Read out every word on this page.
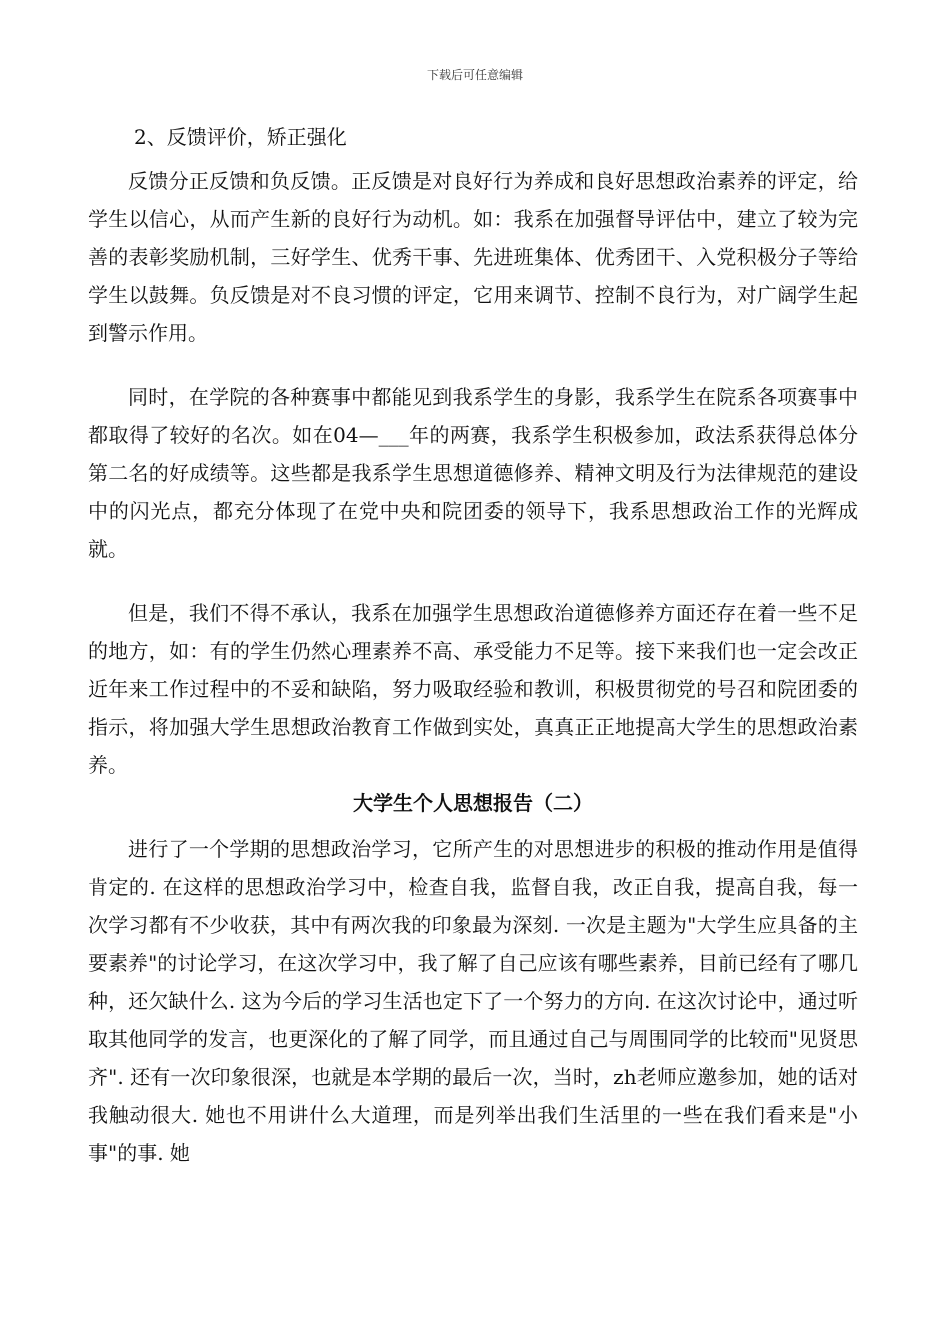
下载后可任意编辑

2、反馈评价，矫正强化

反馈分正反馈和负反馈。正反馈是对良好行为养成和良好思想政治素养的评定，给学生以信心，从而产生新的良好行为动机。如：我系在加强督导评估中，建立了较为完善的表彰奖励机制，三好学生、优秀干事、先进班集体、优秀团干、入党积极分子等给学生以鼓舞。负反馈是对不良习惯的评定，它用来调节、控制不良行为，对广阔学生起到警示作用。

同时，在学院的各种赛事中都能见到我系学生的身影，我系学生在院系各项赛事中都取得了较好的名次。如在04—___年的两赛，我系学生积极参加，政法系获得总体分第二名的好成绩等。这些都是我系学生思想道德修养、精神文明及行为法律规范的建设中的闪光点，都充分体现了在党中央和院团委的领导下，我系思想政治工作的光辉成就。

但是，我们不得不承认，我系在加强学生思想政治道德修养方面还存在着一些不足的地方，如：有的学生仍然心理素养不高、承受能力不足等。接下来我们也一定会改正近年来工作过程中的不妥和缺陷，努力吸取经验和教训，积极贯彻党的号召和院团委的指示，将加强大学生思想政治教育工作做到实处，真真正正地提高大学生的思想政治素养。

大学生个人思想报告（二）

进行了一个学期的思想政治学习，它所产生的对思想进步的积极的推动作用是值得肯定的. 在这样的思想政治学习中，检查自我，监督自我，改正自我，提高自我，每一次学习都有不少收获，其中有两次我的印象最为深刻. 一次是主题为"大学生应具备的主要素养"的讨论学习，在这次学习中，我了解了自己应该有哪些素养，目前已经有了哪几种，还欠缺什么. 这为今后的学习生活也定下了一个努力的方向. 在这次讨论中，通过听取其他同学的发言，也更深化的了解了同学，而且通过自己与周围同学的比较而"见贤思齐". 还有一次印象很深，也就是本学期的最后一次，当时，zh老师应邀参加，她的话对我触动很大. 她也不用讲什么大道理，而是列举出我们生活里的一些在我们看来是"小事"的事. 她
